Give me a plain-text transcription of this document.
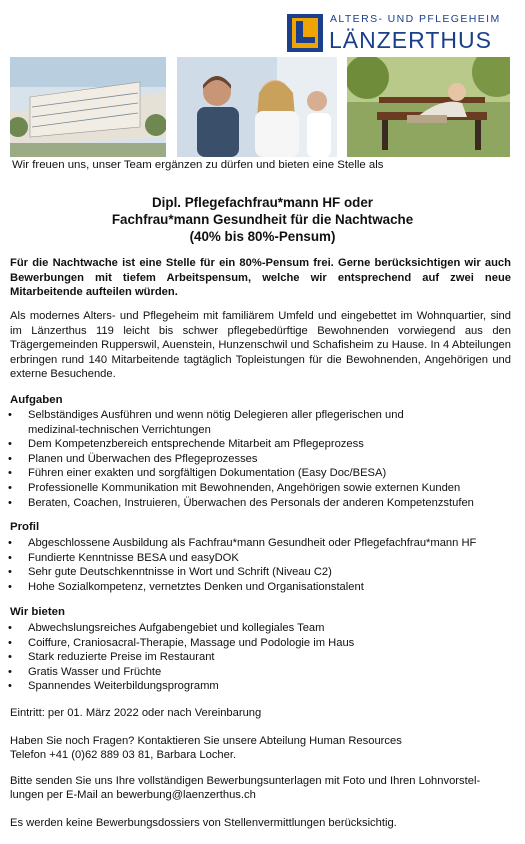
ALTERS- UND PFLEGEHEIM
LÄNZERTHUS
Wir freuen uns, unser Team ergänzen zu dürfen und bieten eine Stelle als
Dipl. Pflegefachfrau*mann HF oder
Fachfrau*mann Gesundheit für die Nachtwache
(40% bis 80%-Pensum)
Für die Nachtwache ist eine Stelle für ein 80%-Pensum frei. Gerne berücksichtigen wir auch Bewerbungen mit tiefem Arbeitspensum, welche wir entsprechend auf zwei neue Mitarbeitende aufteilen würden.
Als modernes Alters- und Pflegeheim mit familiärem Umfeld und eingebettet im Wohnquartier, sind im Länzerthus 119 leicht bis schwer pflegebedürftige Bewohnenden vorwiegend aus den Trägergemeinden Rupperswil, Auenstein, Hunzenschwil und Schafisheim zu Hause. In 4 Abteilungen erbringen rund 140 Mitarbeitende tagtäglich Topleistungen für die Bewohnenden, Angehörigen und externe Besuchende.
Aufgaben
• Selbständiges Ausführen und wenn nötig Delegieren aller pflegerischen und medizinal-technischen Verrichtungen
• Dem Kompetenzbereich entsprechende Mitarbeit am Pflegeprozess
• Planen und Überwachen des Pflegeprozesses
• Führen einer exakten und sorgfältigen Dokumentation (Easy Doc/BESA)
• Professionelle Kommunikation mit Bewohnenden, Angehörigen sowie externen Kunden
• Beraten, Coachen, Instruieren, Überwachen des Personals der anderen Kompetenzstufen
Profil
• Abgeschlossene Ausbildung als Fachfrau*mann Gesundheit oder Pflegefachfrau*mann HF
• Fundierte Kenntnisse BESA und easyDOK
• Sehr gute Deutschkenntnisse in Wort und Schrift (Niveau C2)
• Hohe Sozialkompetenz, vernetztes Denken und Organisationstalent
Wir bieten
• Abwechslungsreiches Aufgabengebiet und kollegiales Team
• Coiffure, Craniosacral-Therapie, Massage und Podologie im Haus
• Stark reduzierte Preise im Restaurant
• Gratis Wasser und Früchte
• Spannendes Weiterbildungsprogramm
Eintritt: per 01. März 2022 oder nach Vereinbarung
Haben Sie noch Fragen? Kontaktieren Sie unsere Abteilung Human Resources
Telefon +41 (0)62 889 03 81, Barbara Locher.
Bitte senden Sie uns Ihre vollständigen Bewerbungsunterlagen mit Foto und Ihren Lohnvorstel-
lungen per E-Mail an bewerbung@laenzerthus.ch
Es werden keine Bewerbungsdossiers von Stellenvermittlungen berücksichtig.
